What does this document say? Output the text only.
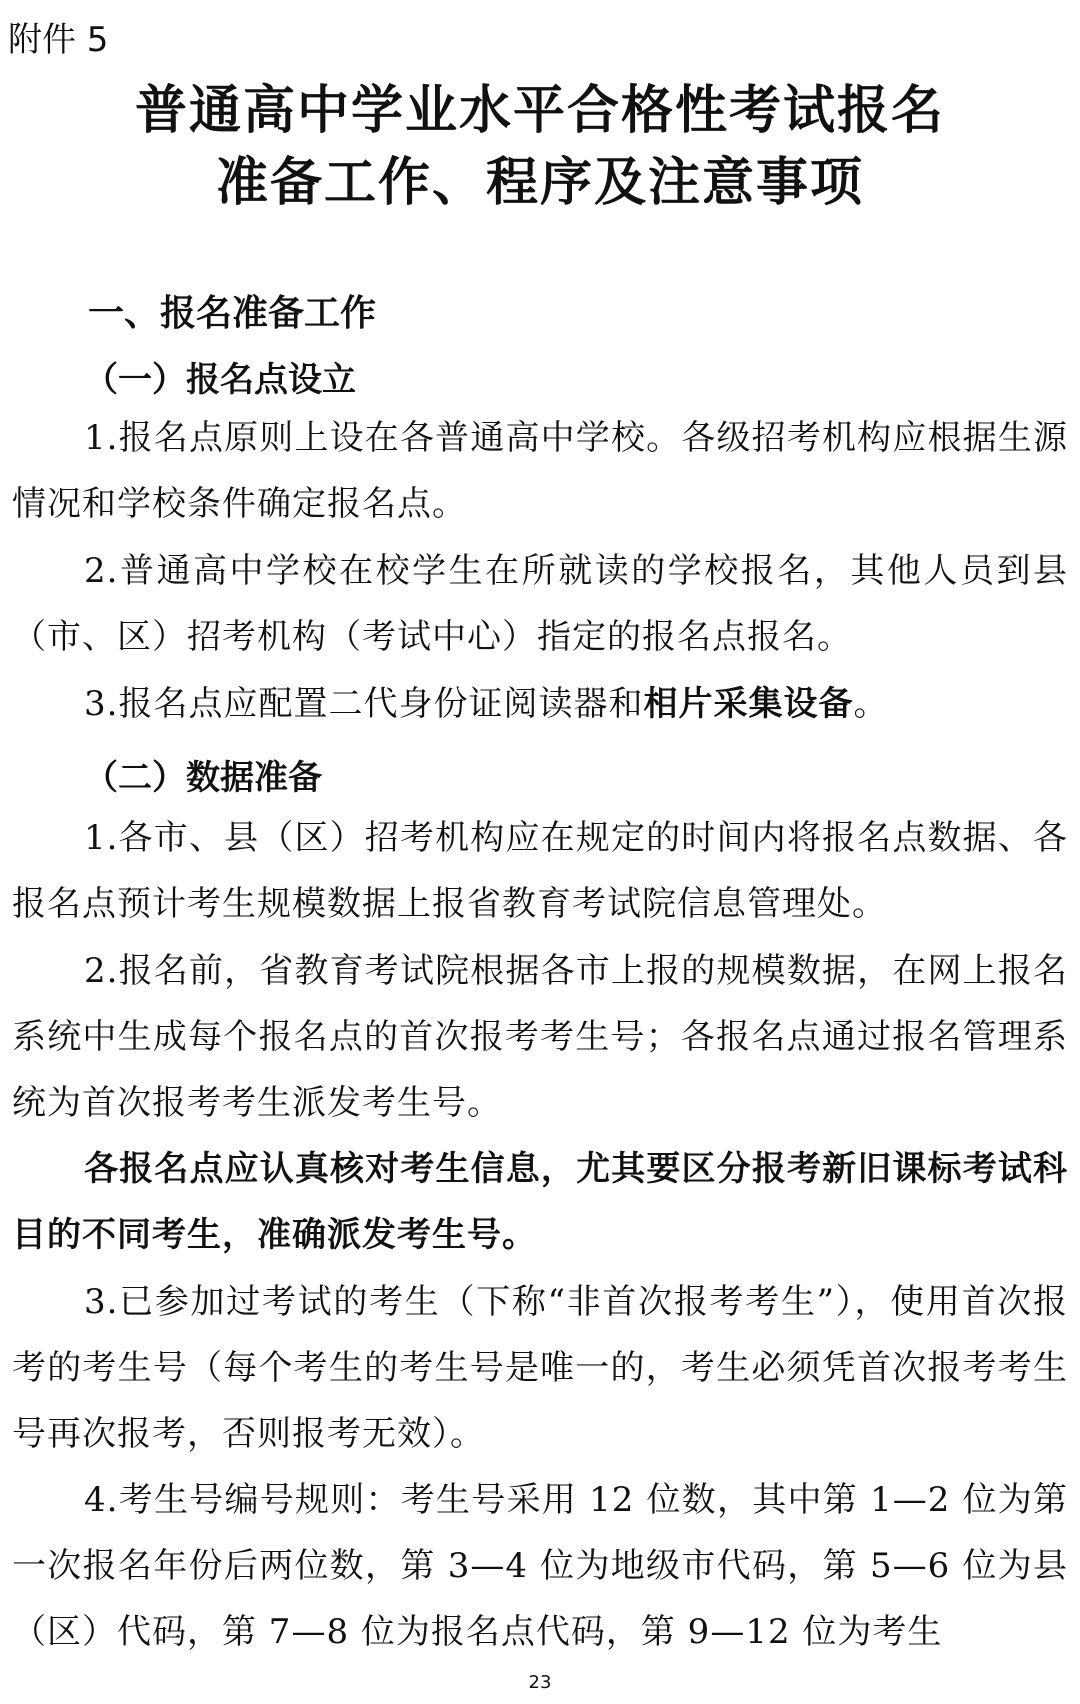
附件 5

普通高中学业水平合格性考试报名
准备工作、程序及注意事项
一、报名准备工作
（一）报名点设立

1.报名点原则上设在各普通高中学校。各级招考机构应根据生源情况和学校条件确定报名点。

2.普通高中学校在校学生在所就读的学校报名，其他人员到县（市、区）招考机构（考试中心）指定的报名点报名。

3.报名点应配置二代身份证阅读器和相片采集设备。

（二）数据准备

1.各市、县（区）招考机构应在规定的时间内将报名点数据、各报名点预计考生规模数据上报省教育考试院信息管理处。

2.报名前，省教育考试院根据各市上报的规模数据，在网上报名系统中生成每个报名点的首次报考考生号；各报名点通过报名管理系统为首次报考考生派发考生号。

各报名点应认真核对考生信息，尤其要区分报考新旧课标考试科目的不同考生，准确派发考生号。

3.已参加过考试的考生（下称“非首次报考考生”），使用首次报考的考生号（每个考生的考生号是唯一的，考生必须凭首次报考考生号再次报考，否则报考无效）。

4.考生号编号规则：考生号采用 12 位数，其中第 1—2 位为第一次报名年份后两位数，第 3—4 位为地级市代码，第 5—6 位为县（区）代码，第 7—8 位为报名点代码，第 9—12 位为考生

23
